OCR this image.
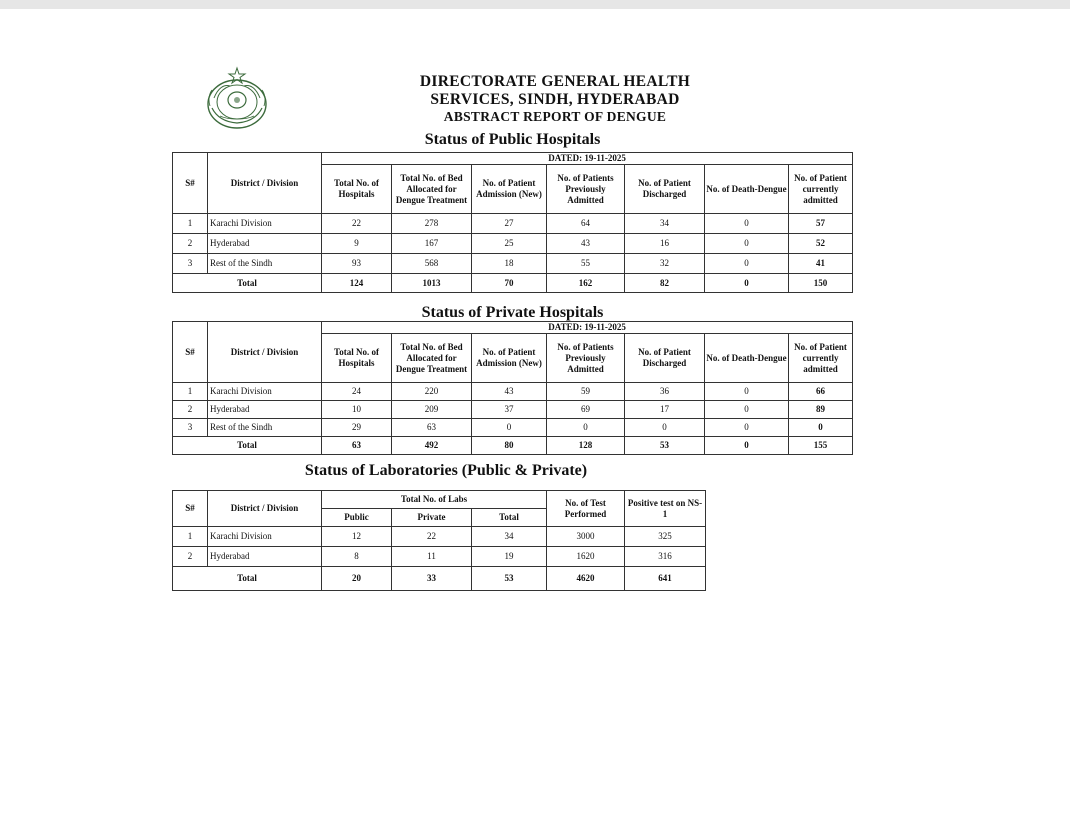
DIRECTORATE GENERAL HEALTH
SERVICES, SINDH, HYDERABAD
ABSTRACT REPORT OF DENGUE
Status of Public Hospitals
S#	District / Division	DATED: 19-11-2025						
		Total No. of Hospitals	Total No. of Bed Allocated for Dengue Treatment	No. of Patient Admission (New)	No. of Patients Previously Admitted	No. of Patient Discharged	No. of Death-Dengue	No. of Patient currently admitted
1	Karachi Division	22	278	27	64	34	0	57
2	Hyderabad	9	167	25	43	16	0	52
3	Rest of the Sindh	93	568	18	55	32	0	41
Total		124	1013	70	162	82	0	150
Status of Private Hospitals
S#	District / Division	DATED: 19-11-2025						
		Total No. of Hospitals	Total No. of Bed Allocated for Dengue Treatment	No. of Patient Admission (New)	No. of Patients Previously Admitted	No. of Patient Discharged	No. of Death-Dengue	No. of Patient currently admitted
1	Karachi Division	24	220	43	59	36	0	66
2	Hyderabad	10	209	37	69	17	0	89
3	Rest of the Sindh	29	63	0	0	0	0	0
Total		63	492	80	128	53	0	155
Status of Laboratories (Public & Private)
S#	District / Division	Total No. of Labs			No. of Test Performed	Positive test on NS-1
		Public	Private	Total		
1	Karachi Division	12	22	34	3000	325
2	Hyderabad	8	11	19	1620	316
Total		20	33	53	4620	641
